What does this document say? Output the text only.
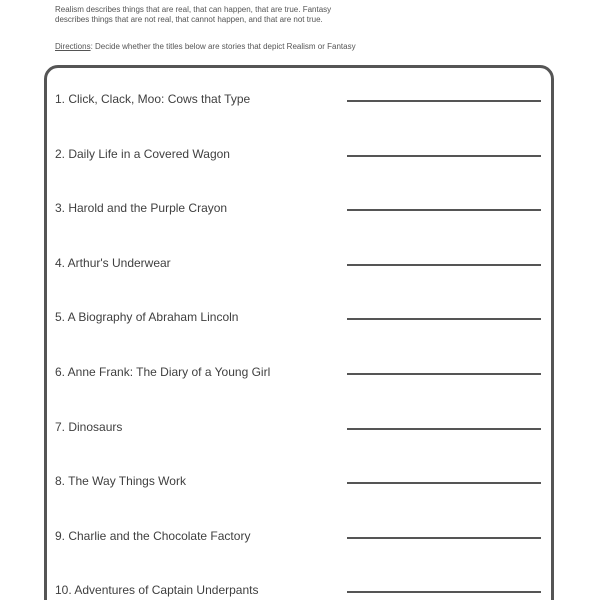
Realism describes things that are real, that can happen, that are true. Fantasy
describes things that are not real, that cannot happen, and that are not true.
Directions: Decide whether the titles below are stories that depict Realism or Fantasy
1. Click, Clack, Moo: Cows that Type
2. Daily Life in a Covered Wagon
3. Harold and the Purple Crayon
4. Arthur's Underwear
5. A Biography of Abraham Lincoln
6. Anne Frank: The Diary of a Young Girl
7. Dinosaurs
8. The Way Things Work
9. Charlie and the Chocolate Factory
10. Adventures of Captain Underpants
